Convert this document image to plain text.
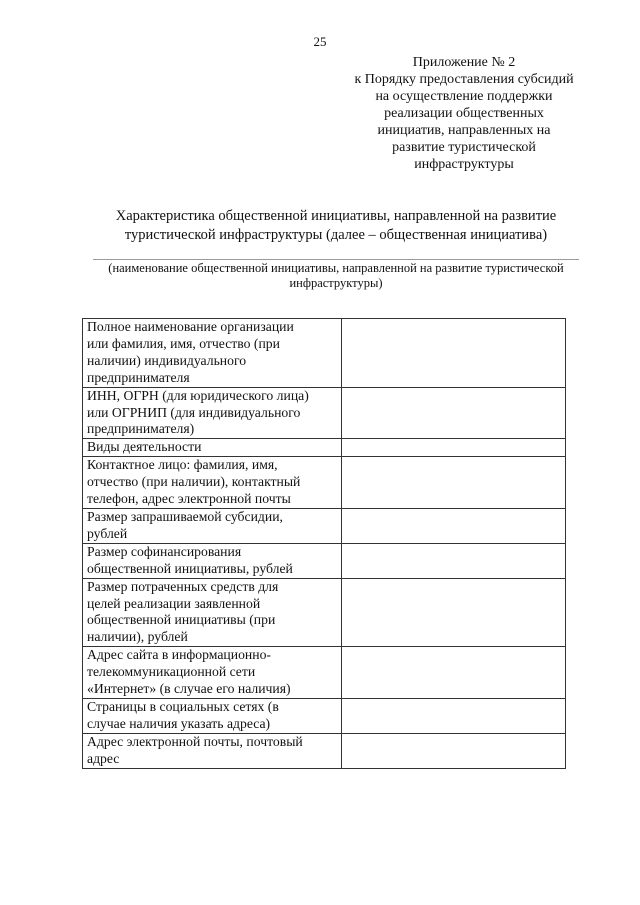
25
Приложение № 2
к Порядку предоставления субсидий
на осуществление поддержки
реализации общественных
инициатив, направленных на
развитие туристической
инфраструктуры
Характеристика общественной инициативы, направленной на развитие
туристической инфраструктуры (далее – общественная инициатива)
(наименование общественной инициативы, направленной на развитие туристической
инфраструктуры)
Полное наименование организации
или фамилия, имя, отчество (при
наличии) индивидуального
предпринимателя	

ИНН, ОГРН (для юридического лица)
или ОГРНИП (для индивидуального
предпринимателя)	

Виды деятельности	

Контактное лицо: фамилия, имя,
отчество (при наличии), контактный
телефон, адрес электронной почты	

Размер запрашиваемой субсидии,
рублей	

Размер софинансирования
общественной инициативы, рублей	

Размер потраченных средств для
целей реализации заявленной
общественной инициативы (при
наличии), рублей	

Адрес сайта в информационно-
телекоммуникационной сети
«Интернет» (в случае его наличия)	

Страницы в социальных сетях (в
случае наличия указать адреса)	

Адрес электронной почты, почтовый
адрес	
